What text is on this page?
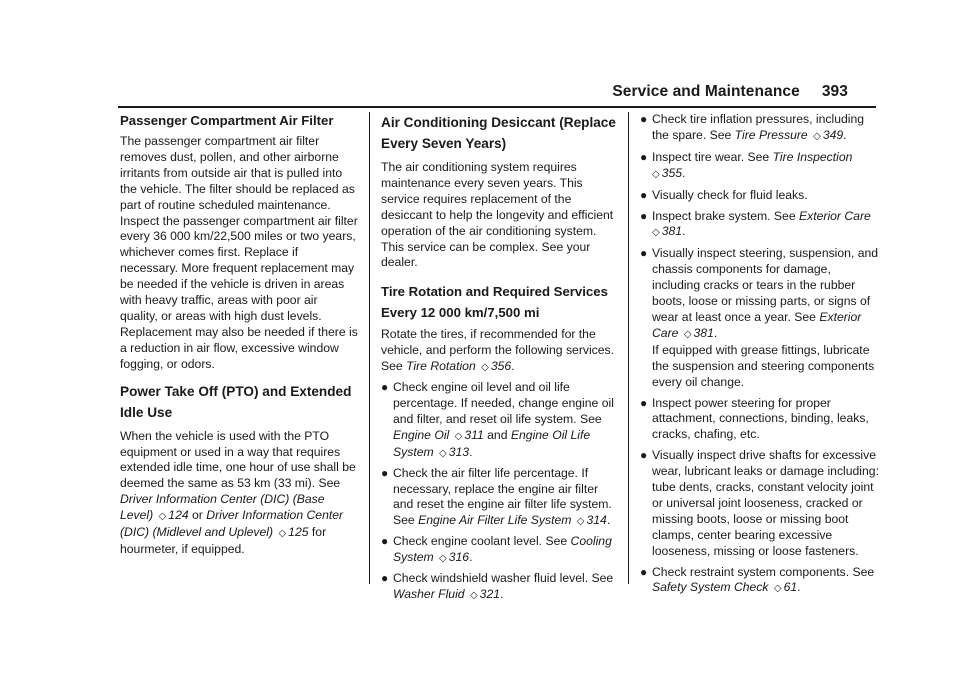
Service and Maintenance 393
Passenger Compartment Air Filter

The passenger compartment air filter removes dust, pollen, and other airborne irritants from outside air that is pulled into the vehicle. The filter should be replaced as part of routine scheduled maintenance. Inspect the passenger compartment air filter every 36 000 km/22,500 miles or two years, whichever comes first. Replace if necessary. More frequent replacement may be needed if the vehicle is driven in areas with heavy traffic, areas with poor air quality, or areas with high dust levels. Replacement may also be needed if there is a reduction in air flow, excessive window fogging, or odors.

Power Take Off (PTO) and Extended Idle Use

When the vehicle is used with the PTO equipment or used in a way that requires extended idle time, one hour of use shall be deemed the same as 53 km (33 mi). See Driver Information Center (DIC) (Base Level) ◇ 124 or Driver Information Center (DIC) (Midlevel and Uplevel) ◇ 125 for hourmeter, if equipped.

Air Conditioning Desiccant (Replace Every Seven Years)

The air conditioning system requires maintenance every seven years. This service requires replacement of the desiccant to help the longevity and efficient operation of the air conditioning system. This service can be complex. See your dealer.

Tire Rotation and Required Services Every 12 000 km/7,500 mi

Rotate the tires, if recommended for the vehicle, and perform the following services. See Tire Rotation ◇ 356.

● Check engine oil level and oil life percentage. If needed, change engine oil and filter, and reset oil life system. See Engine Oil ◇ 311 and Engine Oil Life System ◇ 313.
● Check the air filter life percentage. If necessary, replace the engine air filter and reset the engine air filter life system. See Engine Air Filter Life System ◇ 314.
● Check engine coolant level. See Cooling System ◇ 316.
● Check windshield washer fluid level. See Washer Fluid ◇ 321.
● Check tire inflation pressures, including the spare. See Tire Pressure ◇ 349.
● Inspect tire wear. See Tire Inspection
◇ 355.
● Visually check for fluid leaks.
● Inspect brake system. See Exterior Care
◇ 381.
● Visually inspect steering, suspension, and chassis components for damage, including cracks or tears in the rubber boots, loose or missing parts, or signs of wear at least once a year. See Exterior Care ◇ 381.
If equipped with grease fittings, lubricate the suspension and steering components every oil change.
● Inspect power steering for proper attachment, connections, binding, leaks, cracks, chafing, etc.
● Visually inspect drive shafts for excessive wear, lubricant leaks or damage including: tube dents, cracks, constant velocity joint or universal joint looseness, cracked or missing boots, loose or missing boot clamps, center bearing excessive looseness, missing or loose fasteners.
● Check restraint system components. See Safety System Check ◇ 61.
